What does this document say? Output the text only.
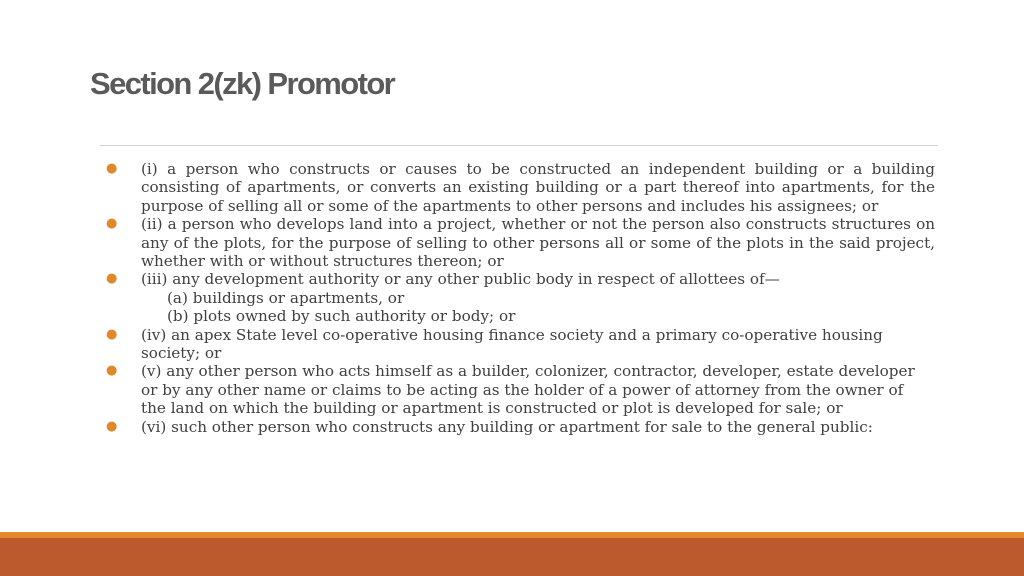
Section 2(zk) Promotor
● (i) a person who constructs or causes to be constructed an independent building or a building consisting of apartments, or converts an existing building or a part thereof into apartments, for the purpose of selling all or some of the apartments to other persons and includes his assignees; or
● (ii) a person who develops land into a project, whether or not the person also constructs structures on any of the plots, for the purpose of selling to other persons all or some of the plots in the said project, whether with or without structures thereon; or
● (iii) any development authority or any other public body in respect of allottees of—
(a) buildings or apartments, or
(b) plots owned by such authority or body; or
● (iv) an apex State level co-operative housing finance society and a primary co-operative housing society; or
● (v) any other person who acts himself as a builder, colonizer, contractor, developer, estate developer or by any other name or claims to be acting as the holder of a power of attorney from the owner of the land on which the building or apartment is constructed or plot is developed for sale; or
● (vi) such other person who constructs any building or apartment for sale to the general public:
